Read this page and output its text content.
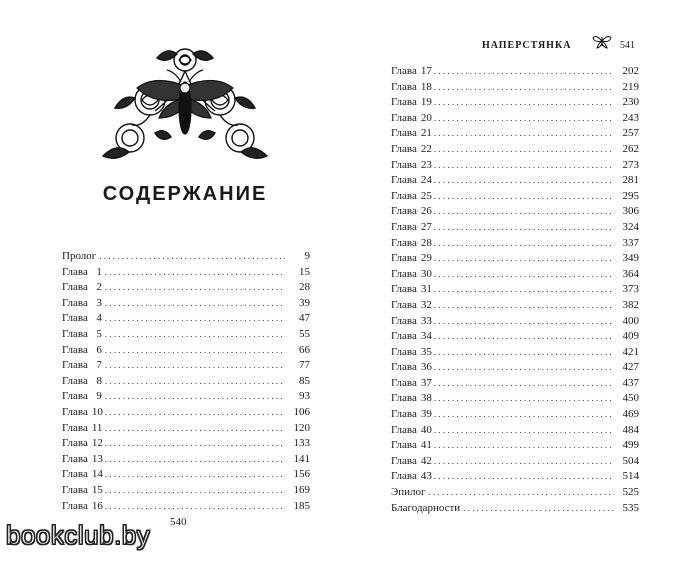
СОДЕРЖАНИЕ
Пролог . . .	9
Глава 1 . . .	15
Глава 2 . . .	28
Глава 3 . . .	39
Глава 4 . . .	47
Глава 5 . . .	55
Глава 6 . . .	66
Глава 7 . . .	77
Глава 8 . . .	85
Глава 9 . . .	93
Глава 10 . . .	106
Глава 11 . . .	120
Глава 12 . . .	133
Глава 13 . . .	141
Глава 14 . . .	156
Глава 15 . . .	169
Глава 16 . . .	185
540
НАПЕРСТЯНКА	541
Глава 17 . . .	202
Глава 18 . . .	219
Глава 19 . . .	230
Глава 20 . . .	243
Глава 21 . . .	257
Глава 22 . . .	262
Глава 23 . . .	273
Глава 24 . . .	281
Глава 25 . . .	295
Глава 26 . . .	306
Глава 27 . . .	324
Глава 28 . . .	337
Глава 29 . . .	349
Глава 30 . . .	364
Глава 31 . . .	373
Глава 32 . . .	382
Глава 33 . . .	400
Глава 34 . . .	409
Глава 35 . . .	421
Глава 36 . . .	427
Глава 37 . . .	437
Глава 38 . . .	450
Глава 39 . . .	469
Глава 40 . . .	484
Глава 41 . . .	499
Глава 42 . . .	504
Глава 43 . . .	514
Эпилог . . .	525
Благодарности . . .	535
bookclub.by
